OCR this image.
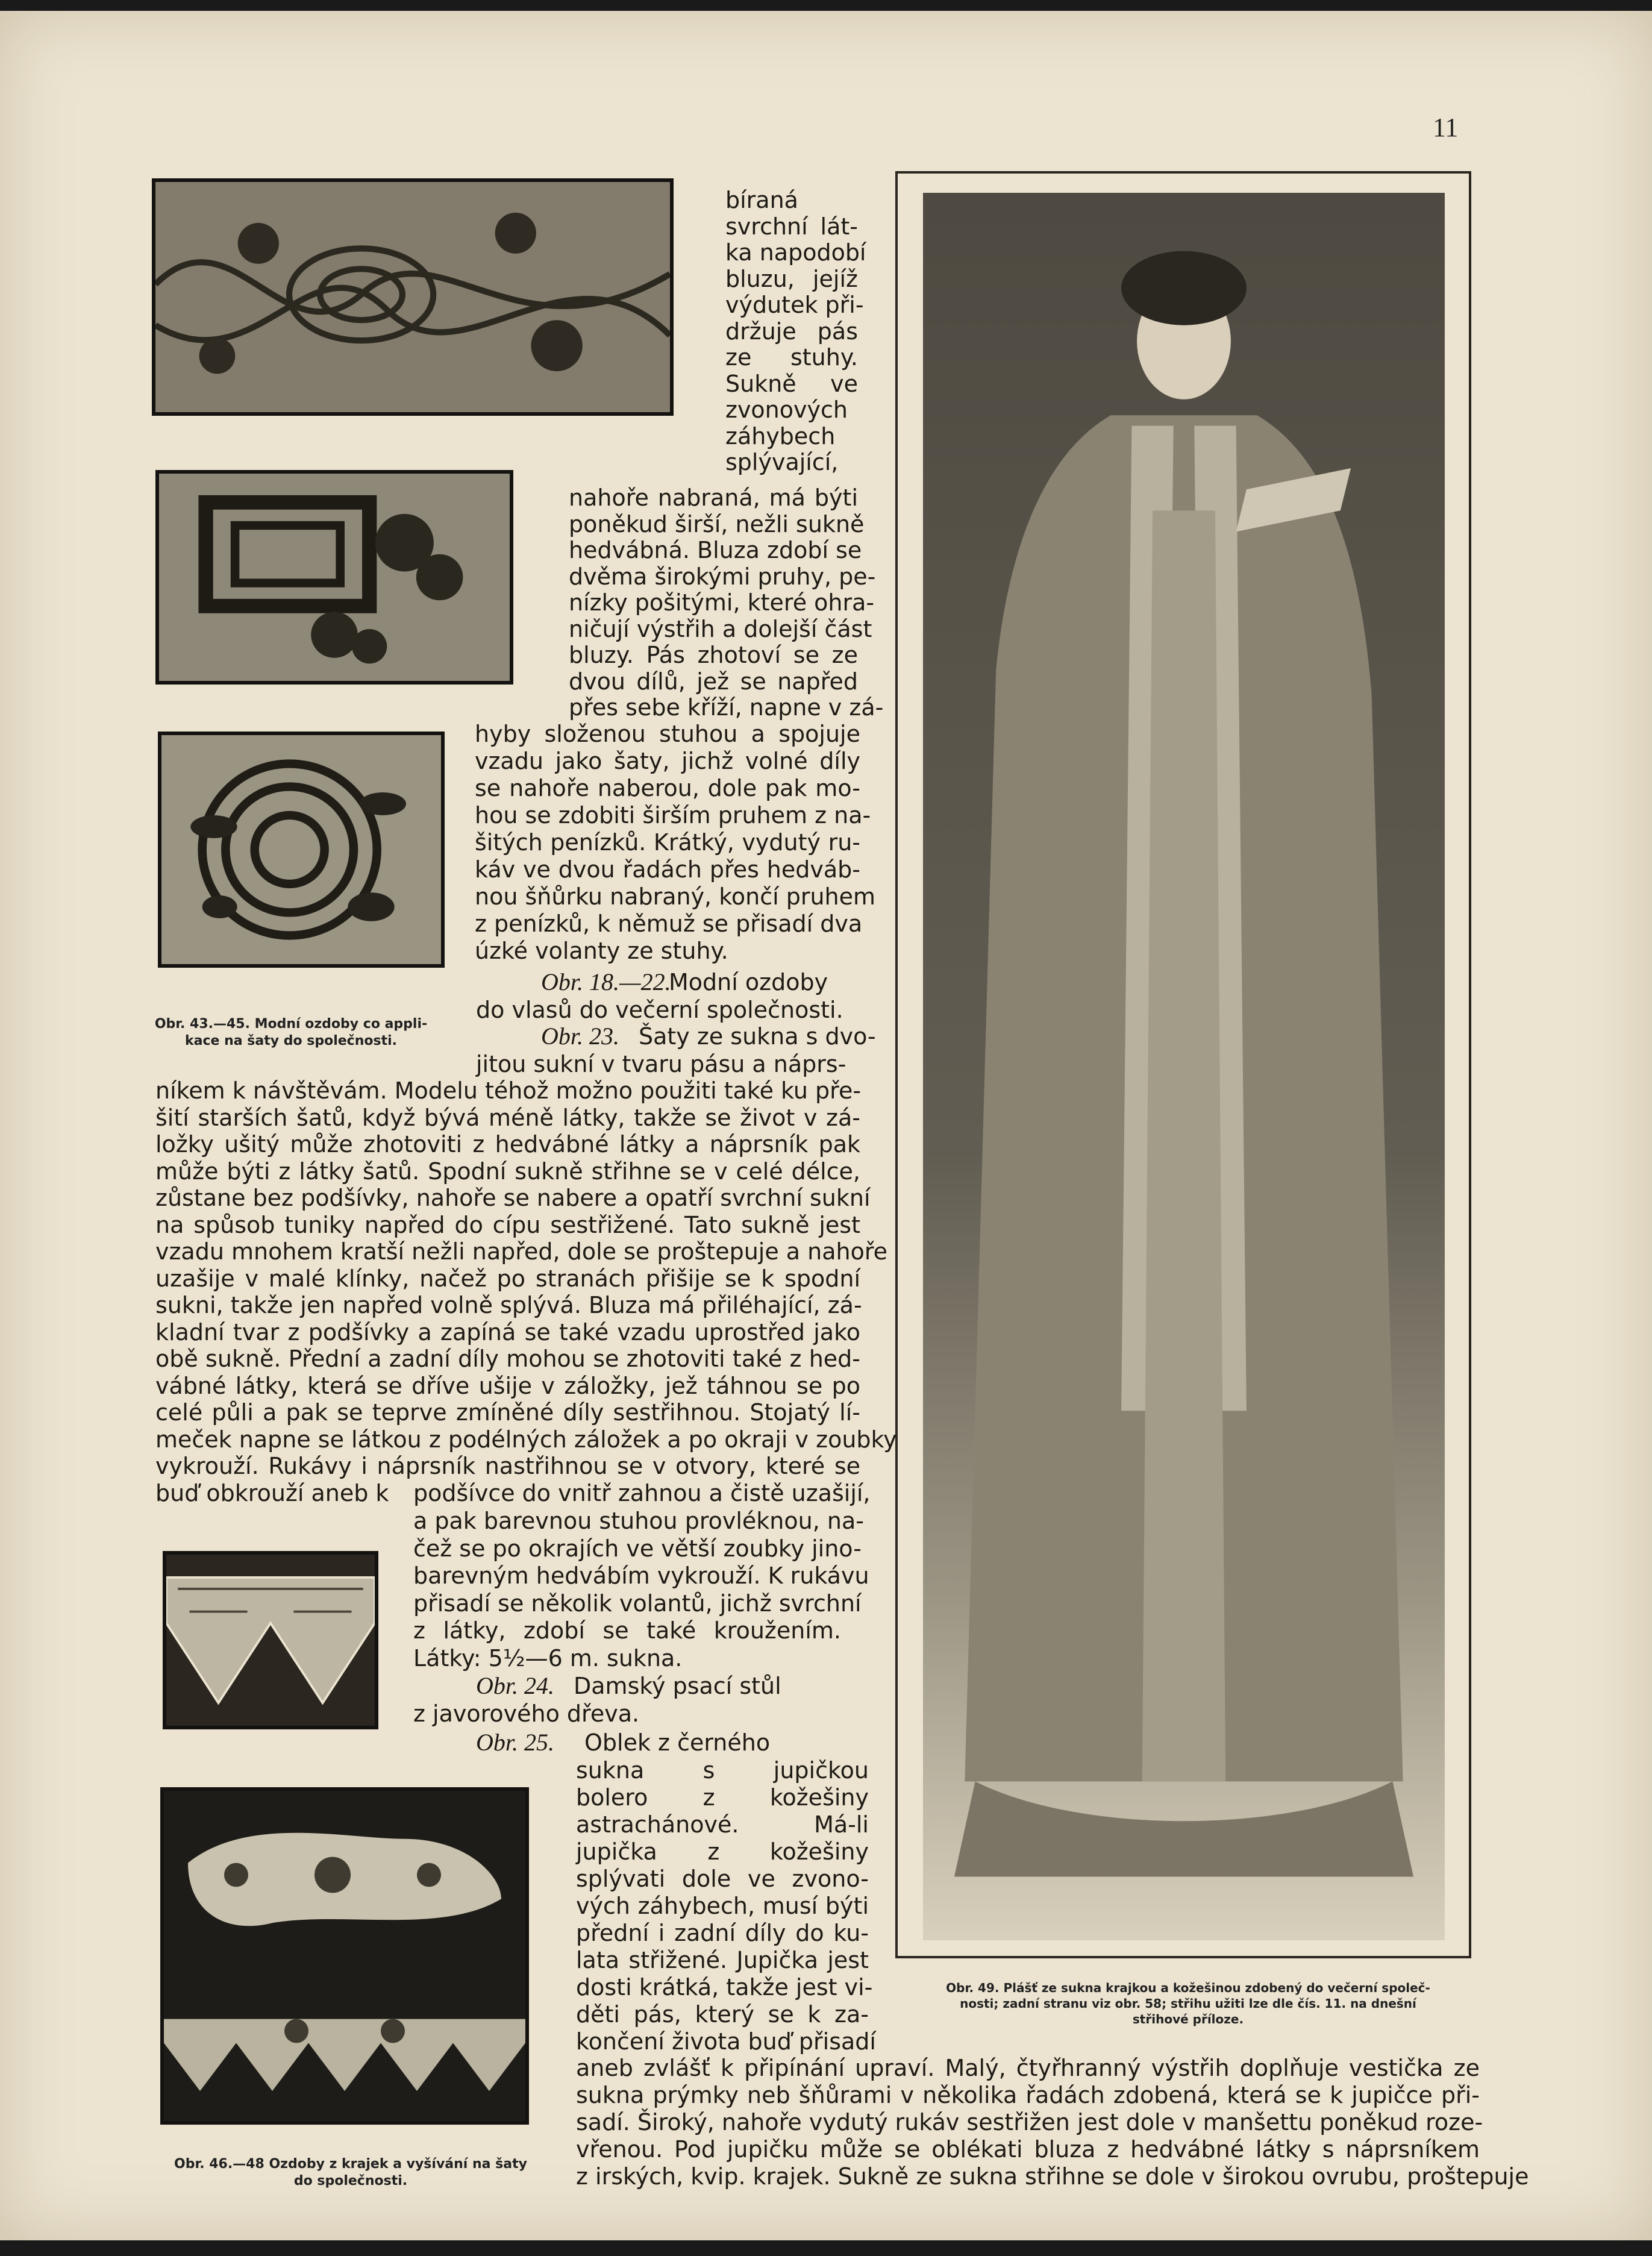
11
Obr. 43.—45. Modní ozdoby co appli-
kace na šaty do společnosti.
Obr. 46.—48 Ozdoby z krajek a vyšívání na šaty
do společnosti.
Obr. 49. Plášť ze sukna krajkou a kožešinou zdobený do večerní společ-
nosti; zadní stranu viz obr. 58; střihu užiti lze dle čís. 11. na dnešní
střihové příloze.
bíraná
svrchní lát-
ka napodobí
bluzu, jejíž
výdutek při-
držuje pás
ze stuhy.
Sukně ve
zvonových
záhybech
splývající,
nahoře nabraná, má býti
poněkud širší, nežli sukně
hedvábná. Bluza zdobí se
dvěma širokými pruhy, pe-
nízky pošitými, které ohra-
ničují výstřih a dolejší část
bluzy. Pás zhotoví se ze
dvou dílů, jež se napřed
přes sebe kříží, napne v zá-
hyby složenou stuhou a spojuje
vzadu jako šaty, jichž volné díly
se nahoře naberou, dole pak mo-
hou se zdobiti širším pruhem z na-
šitých penízků. Krátký, vydutý ru-
káv ve dvou řadách přes hedváb-
nou šňůrku nabraný, končí pruhem
z penízků, k němuž se přisadí dva
úzké volanty ze stuhy.
Obr. 18.—22.
Modní ozdoby
do vlasů do večerní společnosti.
Obr. 23. Šaty ze sukna s dvo-
jitou sukní v tvaru pásu a náprs-
níkem k návštěvám. Modelu téhož možno použiti také ku pře-
šití starších šatů, když bývá méně látky, takže se život v zá-
ložky ušitý může zhotoviti z hedvábné látky a náprsník pak
může býti z látky šatů. Spodní sukně střihne se v celé délce,
zůstane bez podšívky, nahoře se nabere a opatří svrchní sukní
na spůsob tuniky napřed do cípu sestřižené. Tato sukně jest
vzadu mnohem kratší nežli napřed, dole se proštepuje a nahoře
uzašije v malé klínky, načež po stranách přišije se k spodní
sukni, takže jen napřed volně splývá. Bluza má přiléhající, zá-
kladní tvar z podšívky a zapíná se také vzadu uprostřed jako
obě sukně. Přední a zadní díly mohou se zhotoviti také z hed-
vábné látky, která se dříve ušije v záložky, jež táhnou se po
celé půli a pak se teprve zmíněné díly sestřihnou. Stojatý lí-
meček napne se látkou z podélných záložek a po okraji v zoubky
vykrouží. Rukávy i náprsník nastřihnou se v otvory, které se
buď obkrouží aneb k podšívce do vnitř zahnou a čistě uzašijí,
a pak barevnou stuhou provléknou, na-
čež se po okrajích ve větší zoubky jino-
barevným hedvábím vykrouží. K rukávu
přisadí se několik volantů, jichž svrchní
z látky, zdobí se také kroužením.
Látky: 5½—6 m. sukna.
Obr. 24. Damský psací stůl
z javorového dřeva.
Obr. 25. Oblek z černého
sukna s jupičkou
bolero z kožešiny
astrachánové. Má-li
jupička z kožešiny
splývati dole ve zvono-
vých záhybech, musí býti
přední i zadní díly do ku-
lata střižené. Jupička jest
dosti krátká, takže jest vi-
děti pás, který se k za-
končení života buď přisadí
aneb zvlášť k připínání upraví. Malý, čtyřhranný výstřih doplňuje vestička ze
sukna prýmky neb šňůrami v několika řadách zdobená, která se k jupičce při-
sadí. Široký, nahoře vydutý rukáv sestřižen jest dole v manšettu poněkud roze-
vřenou. Pod jupičku může se oblékati bluza z hedvábné látky s náprsníkem
z irských, kvip. krajek. Sukně ze sukna střihne se dole v širokou ovrubu, proštepuje
